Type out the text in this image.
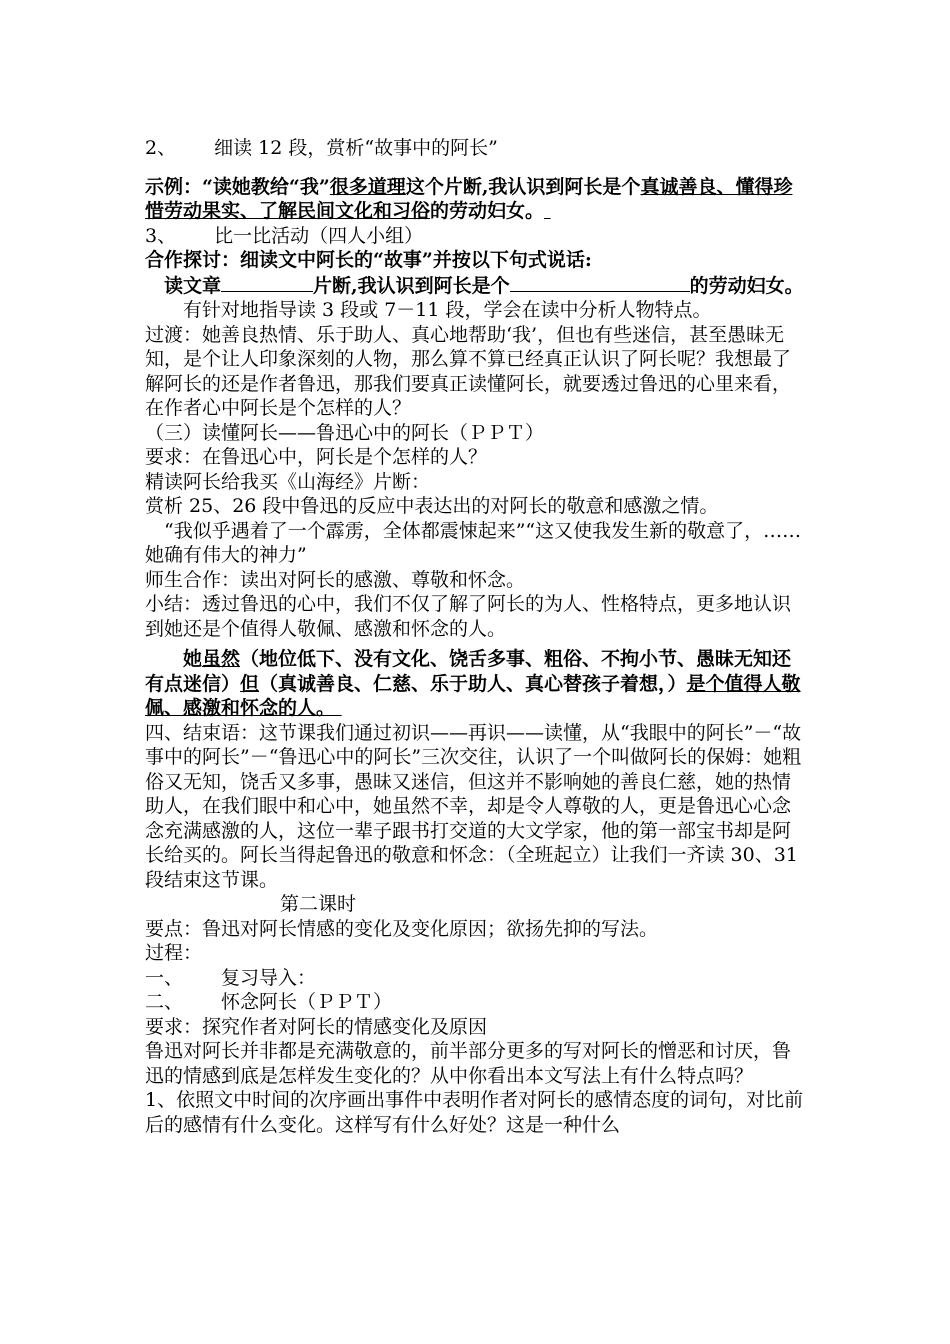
2、 细读 12 段，赏析“故事中的阿长”

示例：“读她教给“我”很多道理这个片断,我认识到阿长是个真诚善良、懂得珍惜劳动果实、了解民间文化和习俗的劳动妇女。

3、 比一比活动（四人小组）

合作探讨：细读文中阿长的“故事”并按以下句式说话:

读文章	片断,我认识到阿长是个	的劳动妇女。

有针对地指导读 3 段或 7－11 段，学会在读中分析人物特点。

过渡：她善良热情、乐于助人、真心地帮助‘我’，但也有些迷信，甚至愚昧无知，是个让人印象深刻的人物，那么算不算已经真正认识了阿长呢？我想最了解阿长的还是作者鲁迅，那我们要真正读懂阿长，就要透过鲁迅的心里来看，在作者心中阿长是个怎样的人？

（三）读懂阿长——鲁迅心中的阿长（ＰＰＴ）

要求：在鲁迅心中，阿长是个怎样的人？

精读阿长给我买《山海经》片断：

赏析 25、26 段中鲁迅的反应中表达出的对阿长的敬意和感激之情。

“我似乎遇着了一个霹雳，全体都震悚起来”“这又使我发生新的敬意了，……她确有伟大的神力”

师生合作：读出对阿长的感激、尊敬和怀念。

小结：透过鲁迅的心中，我们不仅了解了阿长的为人、性格特点，更多地认识到她还是个值得人敬佩、感激和怀念的人。

她虽然（地位低下、没有文化、饶舌多事、粗俗、不拘小节、愚昧无知还有点迷信）但（真诚善良、仁慈、乐于助人、真心替孩子着想，）是个值得人敬佩、感激和怀念的人。

四、结束语：这节课我们通过初识——再识——读懂，从“我眼中的阿长”－“故事中的阿长”－“鲁迅心中的阿长”三次交往，认识了一个叫做阿长的保姆：她粗俗又无知，饶舌又多事，愚昧又迷信，但这并不影响她的善良仁慈，她的热情助人，在我们眼中和心中，她虽然不幸，却是令人尊敬的人，更是鲁迅心心念念充满感激的人，这位一辈子跟书打交道的大文学家，他的第一部宝书却是阿长给买的。阿长当得起鲁迅的敬意和怀念：（全班起立）让我们一齐读 30、31 段结束这节课。

第二课时

要点：鲁迅对阿长情感的变化及变化原因；欲扬先抑的写法。

过程：

一、 复习导入：

二、 怀念阿长（ＰＰＴ）

要求：探究作者对阿长的情感变化及原因

鲁迅对阿长并非都是充满敬意的，前半部分更多的写对阿长的憎恶和讨厌，鲁迅的情感到底是怎样发生变化的？从中你看出本文写法上有什么特点吗？

1、依照文中时间的次序画出事件中表明作者对阿长的感情态度的词句，对比前后的感情有什么变化。这样写有什么好处？这是一种什么
